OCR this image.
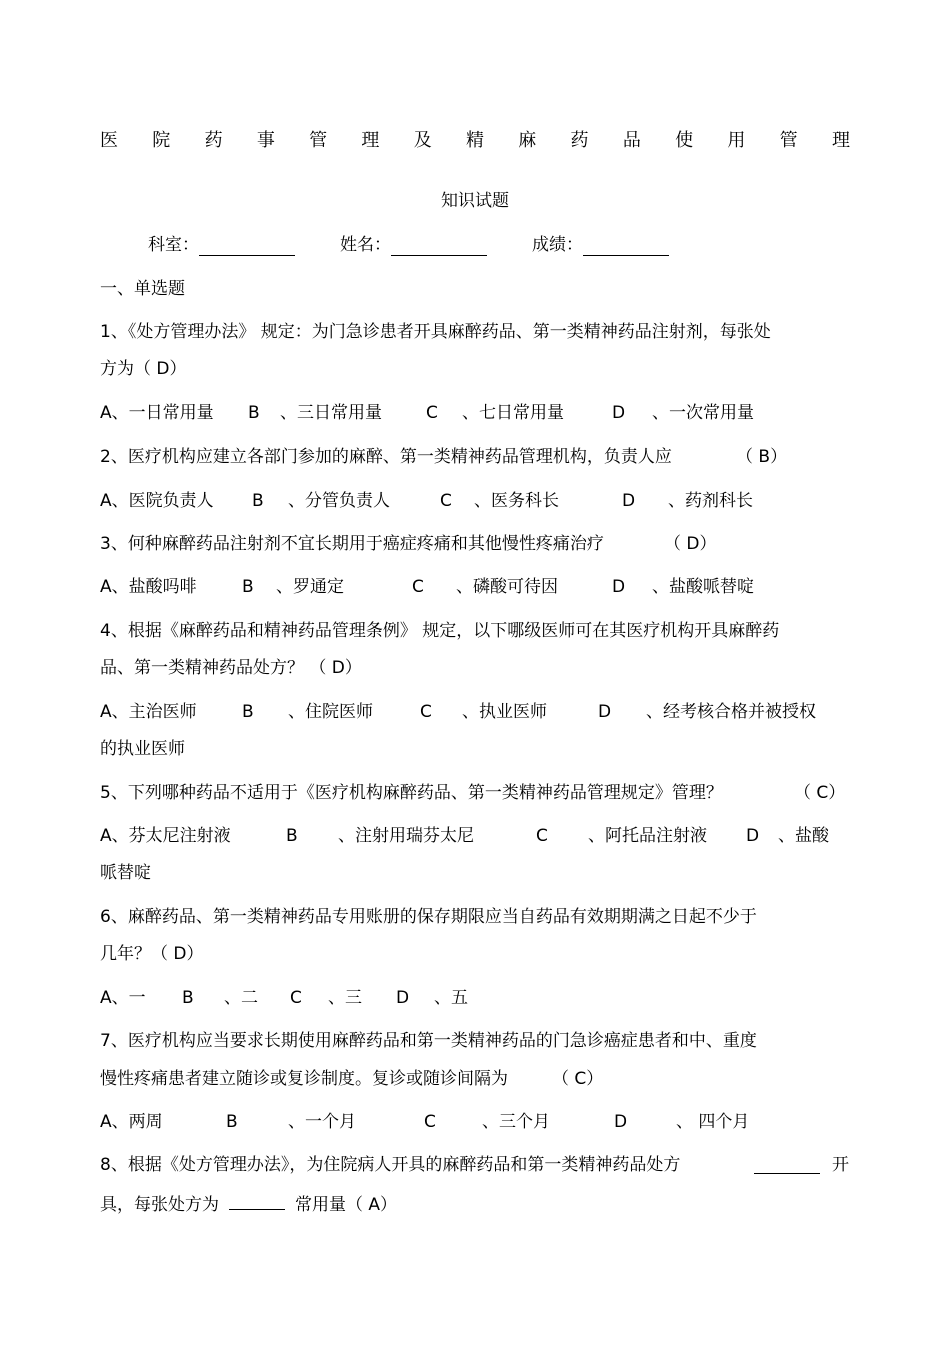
医 院 药 事 管 理 及 精 麻 药 品 使 用 管 理
知识试题
科室：	姓名：	成绩：
一、单选题
1、《处方管理办法》 规定：为门急诊患者开具麻醉药品、第一类精神药品注射剂，每张处
方为（ D）
A、一日常用量 B 、三日常用量	C 、七日常用量	D 、一次常用量
2、医疗机构应建立各部门参加的麻醉、第一类精神药品管理机构，负责人应	（ B）
A、医院负责人 B 、分管负责人	C 、医务科长	D 、药剂科长
3、何种麻醉药品注射剂不宜长期用于癌症疼痛和其他慢性疼痛治疗	（ D）
A、盐酸吗啡	B 、罗通定	C 、磷酸可待因	D 、盐酸哌替啶
4、根据《麻醉药品和精神药品管理条例》 规定，以下哪级医师可在其医疗机构开具麻醉药
品、第一类精神药品处方？ （ D）
A、主治医师	B 、住院医师	C 、执业医师	D 、经考核合格并被授权
的执业医师
5、下列哪种药品不适用于《医疗机构麻醉药品、第一类精神药品管理规定》管理？	（ C）
A、芬太尼注射液	B 、注射用瑞芬太尼	C 、阿托品注射液 D 、盐酸
哌替啶
6、麻醉药品、第一类精神药品专用账册的保存期限应当自药品有效期期满之日起不少于
几年？（ D）
A、一 B 、二 C 、三 D 、五
7、医疗机构应当要求长期使用麻醉药品和第一类精神药品的门急诊癌症患者和中、重度
慢性疼痛患者建立随诊或复诊制度。复诊或随诊间隔为	（ C）
A、两周	B	、一个月	C	、三个月	D	、 四个月
8、根据《处方管理办法》，为住院病人开具的麻醉药品和第一类精神药品处方	开
具，每张处方为	常用量（ A）
